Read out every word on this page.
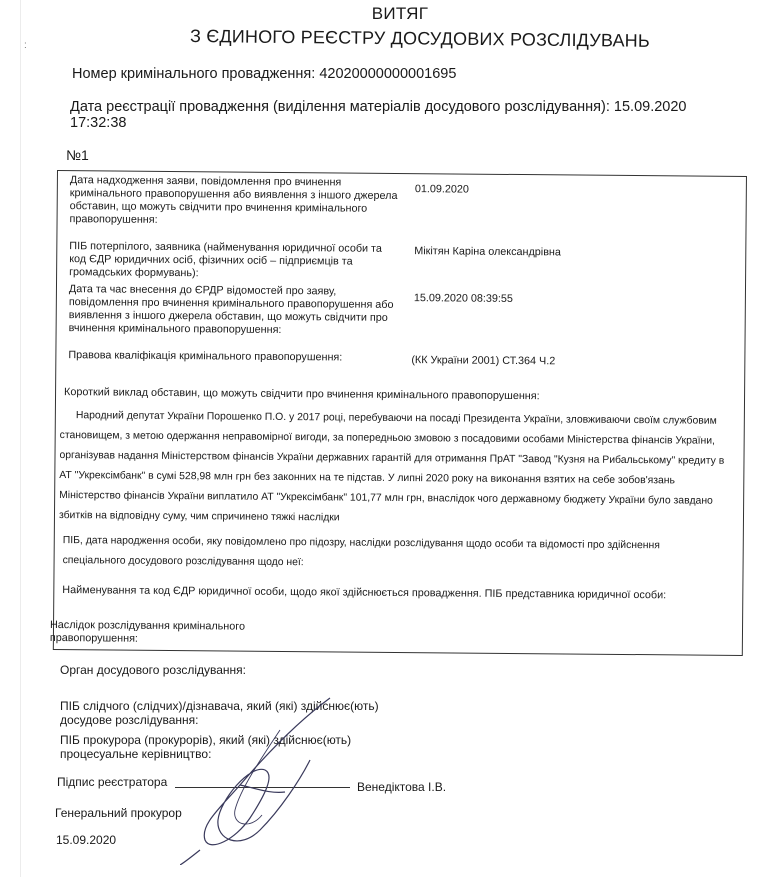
:
ВИТЯГ
З ЄДИНОГО РЕЄСТРУ ДОСУДОВИХ РОЗСЛІДУВАНЬ
Номер кримінального провадження: 42020000000001695
Дата реєстрації провадження (виділення матеріалів досудового розслідування): 15.09.2020
17:32:38
№1
Дата надходження заяви, повідомлення про вчинення кримінального правопорушення або виявлення з іншого джерела обставин, що можуть свідчити про вчинення кримінального правопорушення:
01.09.2020
ПІБ потерпілого, заявника (найменування юридичної особи та код ЄДР юридичних осіб, фізичних осіб – підприємців та громадських формувань):
Мікітян Каріна олександрівна
Дата та час внесення до ЄРДР відомостей про заяву, повідомлення про вчинення кримінального правопорушення або виявлення з іншого джерела обставин, що можуть свідчити про вчинення кримінального правопорушення:
15.09.2020 08:39:55
Правова кваліфікація кримінального правопорушення:	(КК України 2001) СТ.364 Ч.2
Короткий виклад обставин, що можуть свідчити про вчинення кримінального правопорушення:
Народний депутат України Порошенко П.О. у 2017 році, перебуваючи на посаді Президента України, зловживаючи своїм службовим становищем, з метою одержання неправомірної вигоди, за попередньою змовою з посадовими особами Міністерства фінансів України, організував надання Міністерством фінансів України державних гарантій для отримання ПрАТ "Завод "Кузня на Рибальському" кредиту в АТ "Укрексімбанк" в сумі 528,98 млн грн без законних на те підстав. У липні 2020 року на виконання взятих на себе зобов'язань Міністерство фінансів України виплатило АТ "Укрексімбанк" 101,77 млн грн, внаслідок чого державному бюджету України було завдано збитків на відповідну суму, чим спричинено тяжкі наслідки
ПІБ, дата народження особи, яку повідомлено про підозру, наслідки розслідування щодо особи та відомості про здійснення спеціального досудового розслідування щодо неї:
Найменування та код ЄДР юридичної особи, щодо якої здійснюється провадження. ПІБ представника юридичної особи:
Наслідок розслідування кримінального правопорушення:
Орган досудового розслідування:
ПІБ слідчого (слідчих)/дізнавача, який (які) здійснює(ють) досудове розслідування:
ПІБ прокурора (прокурорів), який (які) здійснює(ють) процесуальне керівництво:
Підпис реєстратора	Венедіктова І.В.
Генеральний прокурор
15.09.2020
